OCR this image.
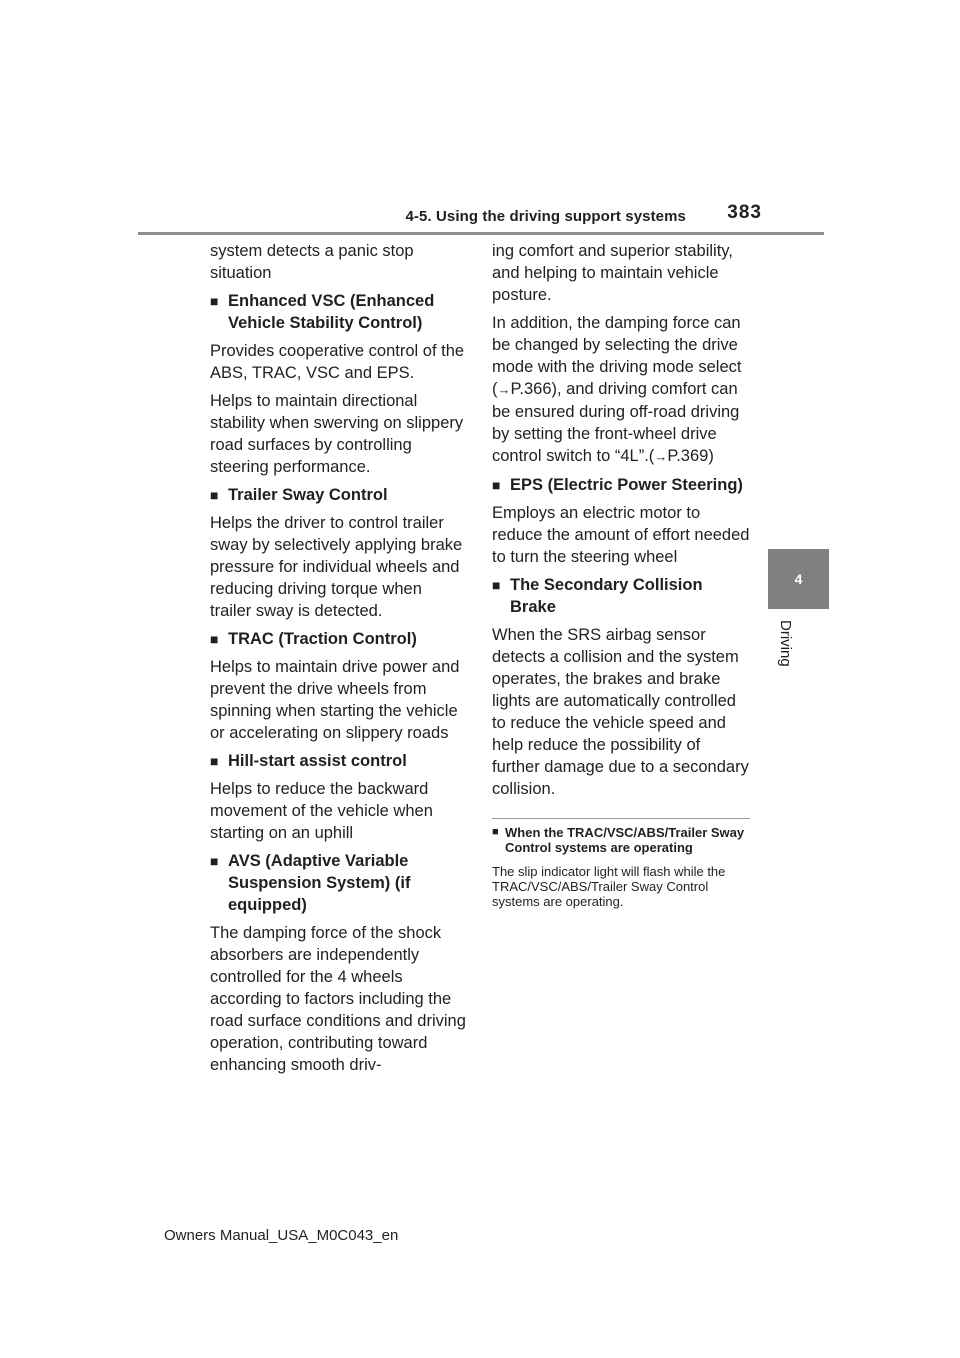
4-5. Using the driving support systems	383
4
Driving

system detects a panic stop situation

■ Enhanced VSC (Enhanced Vehicle Stability Control)

Provides cooperative control of the ABS, TRAC, VSC and EPS.

Helps to maintain directional stability when swerving on slippery road surfaces by controlling steering performance.

■ Trailer Sway Control

Helps the driver to control trailer sway by selectively applying brake pressure for individual wheels and reducing driving torque when trailer sway is detected.

■ TRAC (Traction Control)

Helps to maintain drive power and prevent the drive wheels from spinning when starting the vehicle or accelerating on slippery roads

■ Hill-start assist control

Helps to reduce the backward movement of the vehicle when starting on an uphill

■ AVS (Adaptive Variable Suspension System) (if equipped)

The damping force of the shock absorbers are independently controlled for the 4 wheels according to factors including the road surface conditions and driving operation, contributing toward enhancing smooth driv-

ing comfort and superior stability, and helping to maintain vehicle posture.

In addition, the damping force can be changed by selecting the drive mode with the driving mode select (→P.366), and driving comfort can be ensured during off-road driving by setting the front-wheel drive control switch to “4L”.(→P.369)

■ EPS (Electric Power Steering)

Employs an electric motor to reduce the amount of effort needed to turn the steering wheel

■ The Secondary Collision Brake

When the SRS airbag sensor detects a collision and the system operates, the brakes and brake lights are automatically controlled to reduce the vehicle speed and help reduce the possibility of further damage due to a secondary collision.

■ When the TRAC/VSC/ABS/Trailer Sway Control systems are operating

The slip indicator light will flash while the TRAC/VSC/ABS/Trailer Sway Control systems are operating.

Owners Manual_USA_M0C043_en
